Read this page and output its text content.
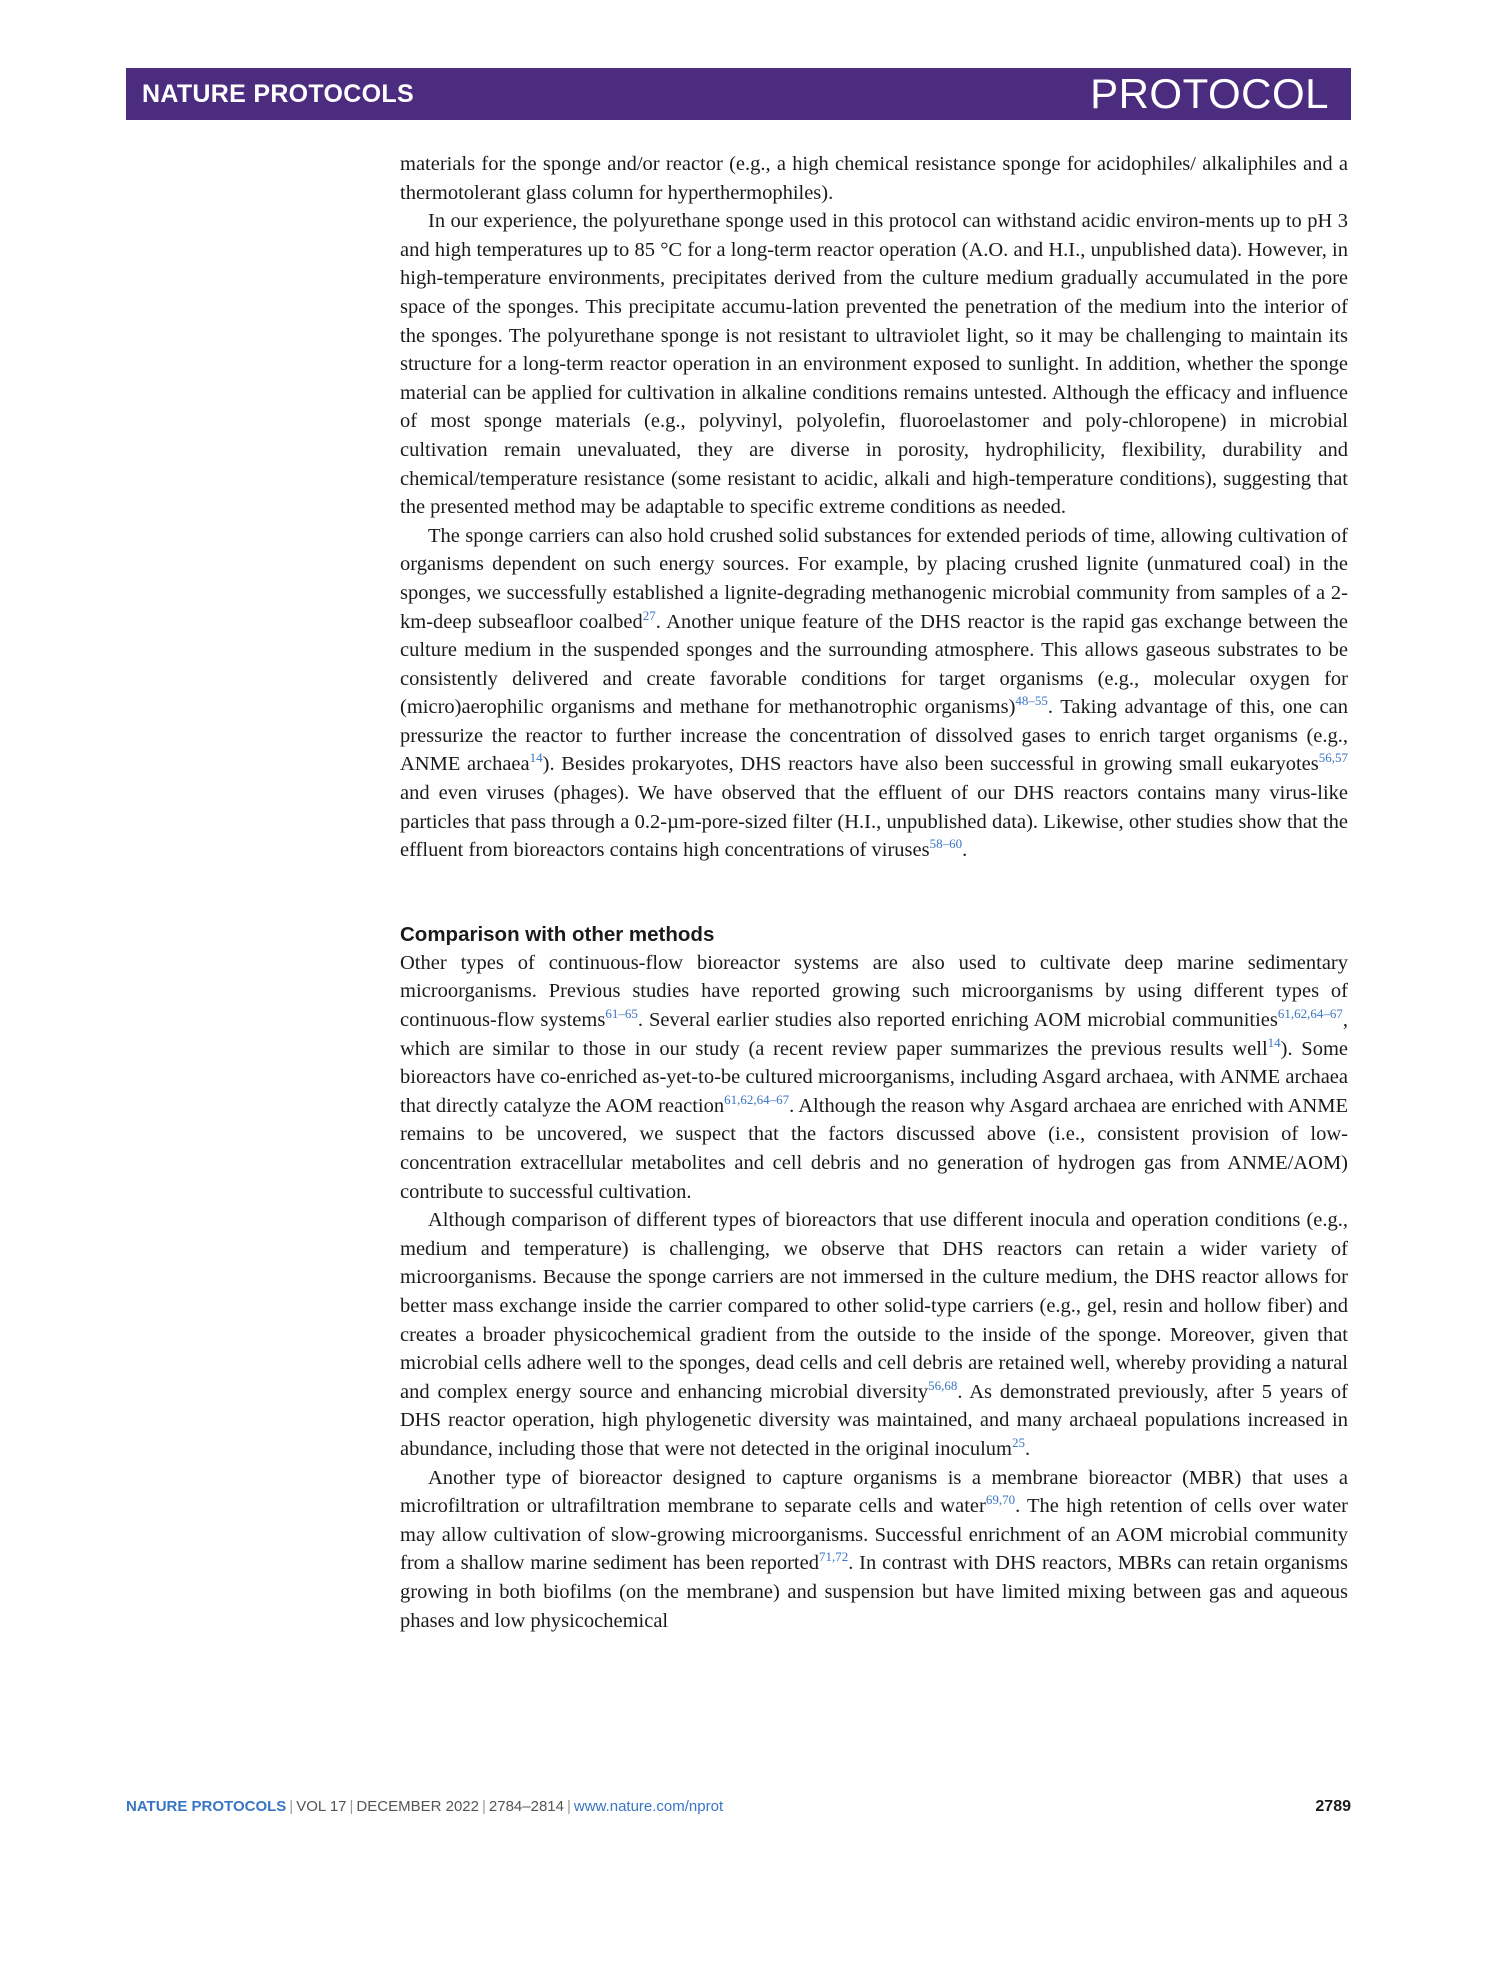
NATURE PROTOCOLS	PROTOCOL

materials for the sponge and/or reactor (e.g., a high chemical resistance sponge for acidophiles/ alkaliphiles and a thermotolerant glass column for hyperthermophiles).

In our experience, the polyurethane sponge used in this protocol can withstand acidic environ-ments up to pH 3 and high temperatures up to 85 °C for a long-term reactor operation (A.O. and H.I., unpublished data). However, in high-temperature environments, precipitates derived from the culture medium gradually accumulated in the pore space of the sponges. This precipitate accumu-lation prevented the penetration of the medium into the interior of the sponges. The polyurethane sponge is not resistant to ultraviolet light, so it may be challenging to maintain its structure for a long-term reactor operation in an environment exposed to sunlight. In addition, whether the sponge material can be applied for cultivation in alkaline conditions remains untested. Although the efficacy and influence of most sponge materials (e.g., polyvinyl, polyolefin, fluoroelastomer and poly-chloropene) in microbial cultivation remain unevaluated, they are diverse in porosity, hydrophilicity, flexibility, durability and chemical/temperature resistance (some resistant to acidic, alkali and high-temperature conditions), suggesting that the presented method may be adaptable to specific extreme conditions as needed.

The sponge carriers can also hold crushed solid substances for extended periods of time, allowing cultivation of organisms dependent on such energy sources. For example, by placing crushed lignite (unmatured coal) in the sponges, we successfully established a lignite-degrading methanogenic microbial community from samples of a 2-km-deep subseafloor coalbed$^{27}$. Another unique feature of the DHS reactor is the rapid gas exchange between the culture medium in the suspended sponges and the surrounding atmosphere. This allows gaseous substrates to be consistently delivered and create favorable conditions for target organisms (e.g., molecular oxygen for (micro)aerophilic organisms and methane for methanotrophic organisms)$^{48-55}$. Taking advantage of this, one can pressurize the reactor to further increase the concentration of dissolved gases to enrich target organisms (e.g., ANME archaea$^{14}$). Besides prokaryotes, DHS reactors have also been successful in growing small eukaryotes$^{56,57}$ and even viruses (phages). We have observed that the effluent of our DHS reactors contains many virus-like particles that pass through a 0.2-µm-pore-sized filter (H.I., unpublished data). Likewise, other studies show that the effluent from bioreactors contains high concentrations of viruses$^{58-60}$.

Comparison with other methods

Other types of continuous-flow bioreactor systems are also used to cultivate deep marine sedimentary microorganisms. Previous studies have reported growing such microorganisms by using different types of continuous-flow systems$^{61-65}$. Several earlier studies also reported enriching AOM microbial communities$^{61,62,64-67}$, which are similar to those in our study (a recent review paper summarizes the previous results well$^{14}$). Some bioreactors have co-enriched as-yet-to-be cultured microorganisms, including Asgard archaea, with ANME archaea that directly catalyze the AOM reaction$^{61,62,64-67}$. Although the reason why Asgard archaea are enriched with ANME remains to be uncovered, we suspect that the factors discussed above (i.e., consistent provision of low-concentration extracellular metabolites and cell debris and no generation of hydrogen gas from ANME/AOM) contribute to successful cultivation.

Although comparison of different types of bioreactors that use different inocula and operation conditions (e.g., medium and temperature) is challenging, we observe that DHS reactors can retain a wider variety of microorganisms. Because the sponge carriers are not immersed in the culture medium, the DHS reactor allows for better mass exchange inside the carrier compared to other solid-type carriers (e.g., gel, resin and hollow fiber) and creates a broader physicochemical gradient from the outside to the inside of the sponge. Moreover, given that microbial cells adhere well to the sponges, dead cells and cell debris are retained well, whereby providing a natural and complex energy source and enhancing microbial diversity$^{56,68}$. As demonstrated previously, after 5 years of DHS reactor operation, high phylogenetic diversity was maintained, and many archaeal populations increased in abundance, including those that were not detected in the original inoculum$^{25}$.

Another type of bioreactor designed to capture organisms is a membrane bioreactor (MBR) that uses a microfiltration or ultrafiltration membrane to separate cells and water$^{69,70}$. The high retention of cells over water may allow cultivation of slow-growing microorganisms. Successful enrichment of an AOM microbial community from a shallow marine sediment has been reported$^{71,72}$. In contrast with DHS reactors, MBRs can retain organisms growing in both biofilms (on the membrane) and suspension but have limited mixing between gas and aqueous phases and low physicochemical

NATURE PROTOCOLS | VOL 17 | DECEMBER 2022 | 2784–2814 | www.nature.com/nprot	2789
